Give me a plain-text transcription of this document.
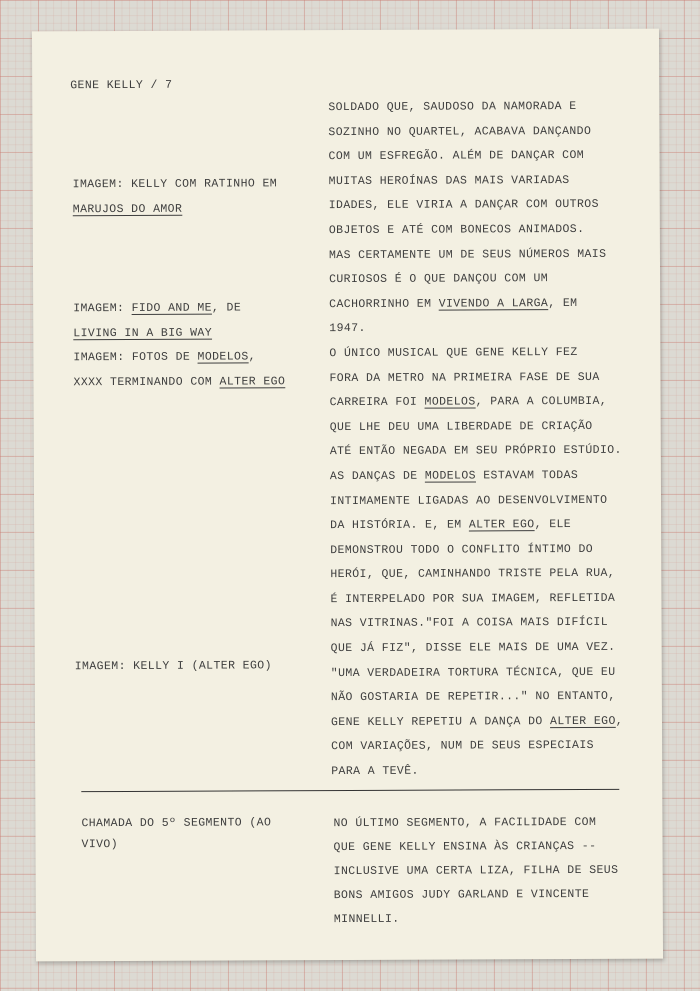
GENE KELLY / 7

IMAGEM: KELLY COM RATINHO EM
MARUJOS DO AMOR

IMAGEM: FIDO AND ME, DE
LIVING IN A BIG WAY
IMAGEM: FOTOS DE MODELOS,
XXXX TERMINANDO COM ALTER EGO

IMAGEM: KELLY I (ALTER EGO)

SOLDADO QUE, SAUDOSO DA NAMORADA E
SOZINHO NO QUARTEL, ACABAVA DANÇANDO
COM UM ESFREGÃO. ALÉM DE DANÇAR COM
MUITAS HEROÍNAS DAS MAIS VARIADAS
IDADES, ELE VIRIA A DANÇAR COM OUTROS
OBJETOS E ATÉ COM BONECOS ANIMADOS.
MAS CERTAMENTE UM DE SEUS NÚMEROS MAIS
CURIOSOS É O QUE DANÇOU COM UM
CACHORRINHO EM VIVENDO A LARGA, EM
1947.
O ÚNICO MUSICAL QUE GENE KELLY FEZ
FORA DA METRO NA PRIMEIRA FASE DE SUA
CARREIRA FOI MODELOS, PARA A COLUMBIA,
QUE LHE DEU UMA LIBERDADE DE CRIAÇÃO
ATÉ ENTÃO NEGADA EM SEU PRÓPRIO ESTÚDIO.
AS DANÇAS DE MODELOS ESTAVAM TODAS
INTIMAMENTE LIGADAS AO DESENVOLVIMENTO
DA HISTÓRIA. E, EM ALTER EGO, ELE
DEMONSTROU TODO O CONFLITO ÍNTIMO DO
HERÓI, QUE, CAMINHANDO TRISTE PELA RUA,
É INTERPELADO POR SUA IMAGEM, REFLETIDA
NAS VITRINAS."FOI A COISA MAIS DIFÍCIL
QUE JÁ FIZ", DISSE ELE MAIS DE UMA VEZ.
"UMA VERDADEIRA TORTURA TÉCNICA, QUE EU
NÃO GOSTARIA DE REPETIR..." NO ENTANTO,
GENE KELLY REPETIU A DANÇA DO ALTER EGO,
COM VARIAÇÕES, NUM DE SEUS ESPECIAIS
PARA A TEVÊ.

CHAMADA DO 5º SEGMENTO (AO
VIVO)

NO ÚLTIMO SEGMENTO, A FACILIDADE COM
QUE GENE KELLY ENSINA ÀS CRIANÇAS --
INCLUSIVE UMA CERTA LIZA, FILHA DE SEUS
BONS AMIGOS JUDY GARLAND E VINCENTE
MINNELLI.
